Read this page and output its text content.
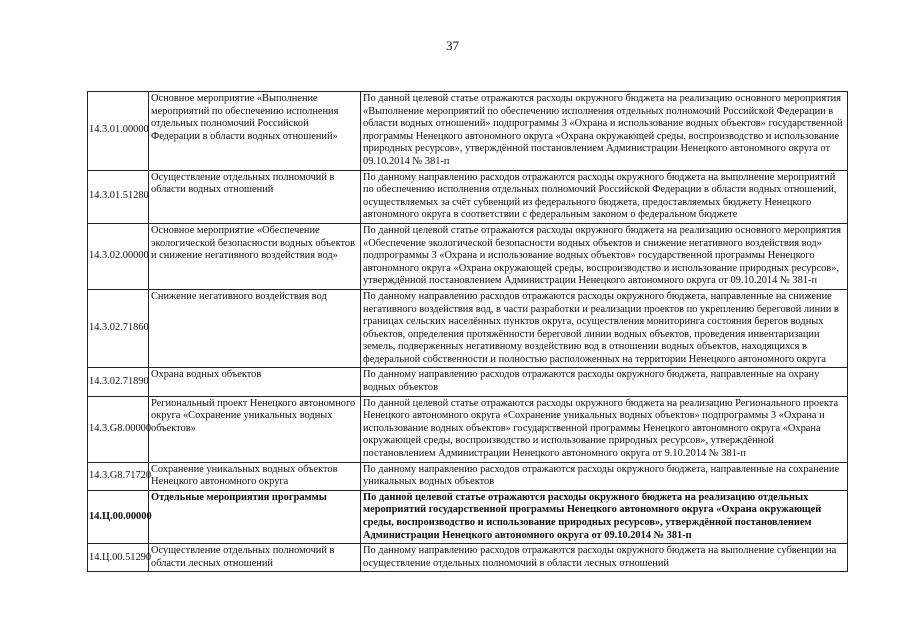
37
14.3.01.00000	Основное мероприятие «Выполнение мероприятий по обеспечению исполнения отдельных полномочий Российской Федерации в области водных отношений»	По данной целевой статье отражаются расходы окружного бюджета на реализацию основного мероприятия «Выполнение мероприятий по обеспечению исполнения отдельных полномочий Российской Федерации в области водных отношений» подпрограммы 3 «Охрана и использование водных объектов» государственной программы Ненецкого автономного округа «Охрана окружающей среды, воспроизводство и использование природных ресурсов», утверждённой постановлением Администрации Ненецкого автономного округа от 09.10.2014 № 381-п
14.3.01.51280	Осуществление отдельных полномочий в области водных отношений	По данному направлению расходов отражаются расходы окружного бюджета на выполнение мероприятий по обеспечению исполнения отдельных полномочий Российской Федерации в области водных отношений, осуществляемых за счёт субвенций из федерального бюджета, предоставляемых бюджету Ненецкого автономного округа в соответствии с федеральным законом о федеральном бюджете
14.3.02.00000	Основное мероприятие «Обеспечение экологической безопасности водных объектов и снижение негативного воздействия вод»	По данной целевой статье отражаются расходы окружного бюджета на реализацию основного мероприятия «Обеспечение экологической безопасности водных объектов и снижение негативного воздействия вод» подпрограммы 3 «Охрана и использование водных объектов» государственной программы Ненецкого автономного округа «Охрана окружающей среды, воспроизводство и использование природных ресурсов», утверждённой постановлением Администрации Ненецкого автономного округа от 09.10.2014 № 381-п
14.3.02.71860	Снижение негативного воздействия вод	По данному направлению расходов отражаются расходы окружного бюджета, направленные на снижение негативного воздействия вод, в части разработки и реализации проектов по укреплению береговой линии в границах сельских населённых пунктов округа, осуществления мониторинга состояния берегов водных объектов, определения протяжённости береговой линии водных объектов, проведения инвентаризации земель, подверженных негативному воздействию вод в отношении водных объектов, находящихся в федеральной собственности и полностью расположенных на территории Ненецкого автономного округа
14.3.02.71890	Охрана водных объектов	По данному направлению расходов отражаются расходы окружного бюджета, направленные на охрану водных объектов
14.3.G8.00000	Региональный проект Ненецкого автономного округа «Сохранение уникальных водных объектов»	По данной целевой статье отражаются расходы окружного бюджета на реализацию Регионального проекта Ненецкого автономного округа «Сохранение уникальных водных объектов» подпрограммы 3 «Охрана и использование водных объектов» государственной программы Ненецкого автономного округа «Охрана окружающей среды, воспроизводство и использование природных ресурсов», утверждённой постановлением Администрации Ненецкого автономного округа от 9.10.2014 № 381-п
14.3.G8.71720	Сохранение уникальных водных объектов Ненецкого автономного округа	По данному направлению расходов отражаются расходы окружного бюджета, направленные на сохранение уникальных водных объектов
14.Ц.00.00000	Отдельные мероприятия программы	По данной целевой статье отражаются расходы окружного бюджета на реализацию отдельных мероприятий государственной программы Ненецкого автономного округа «Охрана окружающей среды, воспроизводство и использование природных ресурсов», утверждённой постановлением Администрации Ненецкого автономного округа от 09.10.2014 № 381-п
14.Ц.00.51290	Осуществление отдельных полномочий в области лесных отношений	По данному направлению расходов отражаются расходы окружного бюджета на выполнение субвенции на осуществление отдельных полномочий в области лесных отношений
